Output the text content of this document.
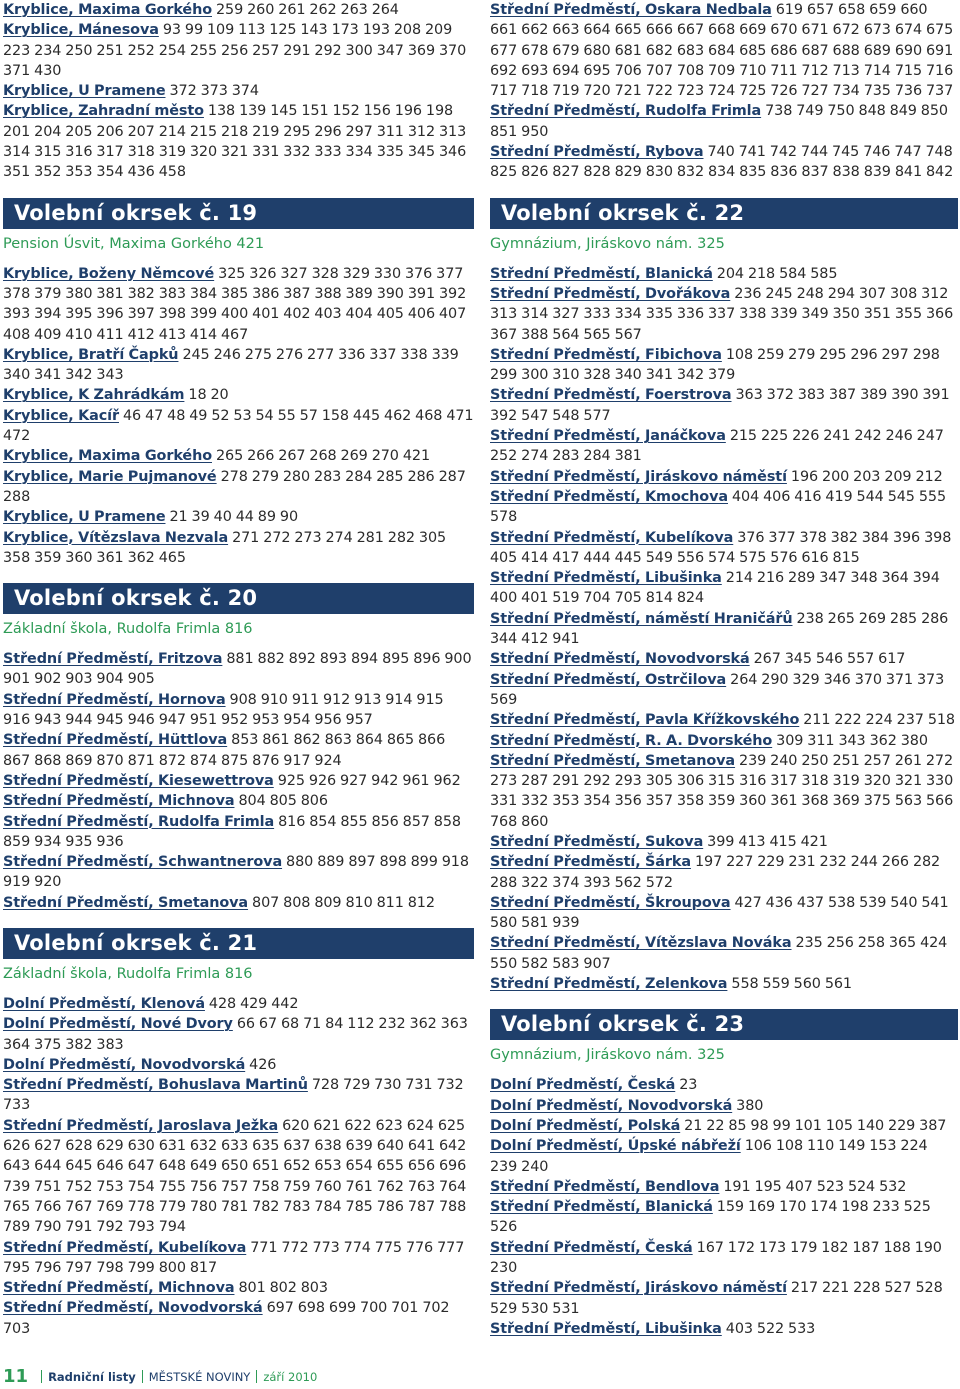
Kryblice, Maxima Gorkého 259 260 261 262 263 264
Kryblice, Mánesova 93 99 109 113 125 143 173 193 208 209 223 234 250 251 252 254 255 256 257 291 292 300 347 369 370 371 430
Kryblice, U Pramene 372 373 374
Kryblice, Zahradní město 138 139 145 151 152 156 196 198 201 204 205 206 207 214 215 218 219 295 296 297 311 312 313 314 315 316 317 318 319 320 321 331 332 333 334 335 345 346 351 352 353 354 436 458
Volební okrsek č. 19
Pension Úsvit, Maxima Gorkého 421
Kryblice, Boženy Němcové 325 326 327 328 329 330 376 377 378 379 380 381 382 383 384 385 386 387 388 389 390 391 392 393 394 395 396 397 398 399 400 401 402 403 404 405 406 407 408 409 410 411 412 413 414 467
Kryblice, Bratří Čapků 245 246 275 276 277 336 337 338 339 340 341 342 343
Kryblice, K Zahrádkám 18 20
Kryblice, Kacíř 46 47 48 49 52 53 54 55 57 158 445 462 468 471 472
Kryblice, Maxima Gorkého 265 266 267 268 269 270 421
Kryblice, Marie Pujmanové 278 279 280 283 284 285 286 287 288
Kryblice, U Pramene 21 39 40 44 89 90
Kryblice, Vítězslava Nezvala 271 272 273 274 281 282 305 358 359 360 361 362 465
Volební okrsek č. 20
Základní škola, Rudolfa Frimla 816
Střední Předměstí, Fritzova 881 882 892 893 894 895 896 900 901 902 903 904 905
Střední Předměstí, Hornova 908 910 911 912 913 914 915 916 943 944 945 946 947 951 952 953 954 956 957
Střední Předměstí, Hüttlova 853 861 862 863 864 865 866 867 868 869 870 871 872 874 875 876 917 924
Střední Předměstí, Kiesewettrova 925 926 927 942 961 962
Střední Předměstí, Michnova 804 805 806
Střední Předměstí, Rudolfa Frimla 816 854 855 856 857 858 859 934 935 936
Střední Předměstí, Schwantnerova 880 889 897 898 899 918 919 920
Střední Předměstí, Smetanova 807 808 809 810 811 812
Volební okrsek č. 21
Základní škola, Rudolfa Frimla 816
Dolní Předměstí, Klenová 428 429 442
Dolní Předměstí, Nové Dvory 66 67 68 71 84 112 232 362 363 364 375 382 383
Dolní Předměstí, Novodvorská 426
Střední Předměstí, Bohuslava Martinů 728 729 730 731 732 733
Střední Předměstí, Jaroslava Ježka 620 621 622 623 624 625 626 627 628 629 630 631 632 633 635 637 638 639 640 641 642 643 644 645 646 647 648 649 650 651 652 653 654 655 656 696 739 751 752 753 754 755 756 757 758 759 760 761 762 763 764 765 766 767 769 778 779 780 781 782 783 784 785 786 787 788 789 790 791 792 793 794
Střední Předměstí, Kubelíkova 771 772 773 774 775 776 777 795 796 797 798 799 800 817
Střední Předměstí, Michnova 801 802 803
Střední Předměstí, Novodvorská 697 698 699 700 701 702 703
Střední Předměstí, Oskara Nedbala 619 657 658 659 660 661 662 663 664 665 666 667 668 669 670 671 672 673 674 675 677 678 679 680 681 682 683 684 685 686 687 688 689 690 691 692 693 694 695 706 707 708 709 710 711 712 713 714 715 716 717 718 719 720 721 722 723 724 725 726 727 734 735 736 737
Střední Předměstí, Rudolfa Frimla 738 749 750 848 849 850 851 950
Střední Předměstí, Rybova 740 741 742 744 745 746 747 748 825 826 827 828 829 830 832 834 835 836 837 838 839 841 842
Volební okrsek č. 22
Gymnázium, Jiráskovo nám. 325
Střední Předměstí, Blanická 204 218 584 585
Střední Předměstí, Dvořákova 236 245 248 294 307 308 312 313 314 327 333 334 335 336 337 338 339 349 350 351 355 366 367 388 564 565 567
Střední Předměstí, Fibichova 108 259 279 295 296 297 298 299 300 310 328 340 341 342 379
Střední Předměstí, Foerstrova 363 372 383 387 389 390 391 392 547 548 577
Střední Předměstí, Janáčkova 215 225 226 241 242 246 247 252 274 283 284 381
Střední Předměstí, Jiráskovo náměstí 196 200 203 209 212
Střední Předměstí, Kmochova 404 406 416 419 544 545 555 578
Střední Předměstí, Kubelíkova 376 377 378 382 384 396 398 405 414 417 444 445 549 556 574 575 576 616 815
Střední Předměstí, Libušinka 214 216 289 347 348 364 394 400 401 519 704 705 814 824
Střední Předměstí, náměstí Hraničářů 238 265 269 285 286 344 412 941
Střední Předměstí, Novodvorská 267 345 546 557 617
Střední Předměstí, Ostrčilova 264 290 329 346 370 371 373 569
Střední Předměstí, Pavla Křížkovského 211 222 224 237 518
Střední Předměstí, R. A. Dvorského 309 311 343 362 380
Střední Předměstí, Smetanova 239 240 250 251 257 261 272 273 287 291 292 293 305 306 315 316 317 318 319 320 321 330 331 332 353 354 356 357 358 359 360 361 368 369 375 563 566 768 860
Střední Předměstí, Sukova 399 413 415 421
Střední Předměstí, Šárka 197 227 229 231 232 244 266 282 288 322 374 393 562 572
Střední Předměstí, Škroupova 427 436 437 538 539 540 541 580 581 939
Střední Předměstí, Vítězslava Nováka 235 256 258 365 424 550 582 583 907
Střední Předměstí, Zelenkova 558 559 560 561
Volební okrsek č. 23
Gymnázium, Jiráskovo nám. 325
Dolní Předměstí, Česká 23
Dolní Předměstí, Novodvorská 380
Dolní Předměstí, Polská 21 22 85 98 99 101 105 140 229 387
Dolní Předměstí, Úpské nábřeží 106 108 110 149 153 224 239 240
Střední Předměstí, Bendlova 191 195 407 523 524 532
Střední Předměstí, Blanická 159 169 170 174 198 233 525 526
Střední Předměstí, Česká 167 172 173 179 182 187 188 190 230
Střední Předměstí, Jiráskovo náměstí 217 221 228 527 528 529 530 531
Střední Předměstí, Libušinka 403 522 533
11 Radniční listy MĚSTSKÉ NOVINY září 2010
